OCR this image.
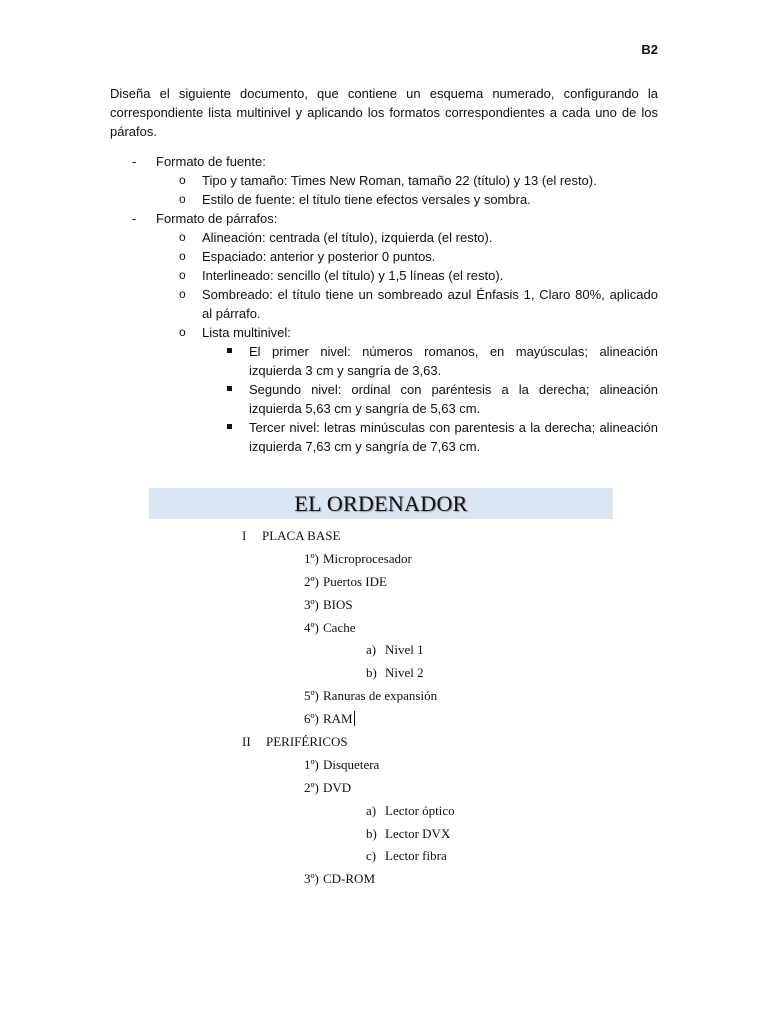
B2

Diseña el siguiente documento, que contiene un esquema numerado, configurando la correspondiente lista multinivel y aplicando los formatos correspondientes a cada uno de los párafos.

- Formato de fuente:
o Tipo y tamaño: Times New Roman, tamaño 22 (título) y 13 (el resto).
o Estilo de fuente: el título tiene efectos versales y sombra.
- Formato de párrafos:
o Alineación: centrada (el título), izquierda (el resto).
o Espaciado: anterior y posterior 0 puntos.
o Interlineado: sencillo (el título) y 1,5 líneas (el resto).
o Sombreado: el título tiene un sombreado azul Énfasis 1, Claro 80%, aplicado al párrafo.
o Lista multinivel:
El primer nivel: números romanos, en mayúsculas; alineación izquierda 3 cm y sangría de 3,63.
Segundo nivel: ordinal con paréntesis a la derecha; alineación izquierda 5,63 cm y sangría de 5,63 cm.
Tercer nivel: letras minúsculas con parentesis a la derecha; alineación izquierda 7,63 cm y sangría de 7,63 cm.
EL ORDENADOR
I PLACA BASE
1º) Microprocesador
2º) Puertos IDE
3º) BIOS
4º) Cache
a) Nivel 1
b) Nivel 2
5º) Ranuras de expansión
6º) RAM
II PERIFÉRICOS
1º) Disquetera
2º) DVD
a) Lector óptico
b) Lector DVX
c) Lector fibra
3º) CD-ROM
